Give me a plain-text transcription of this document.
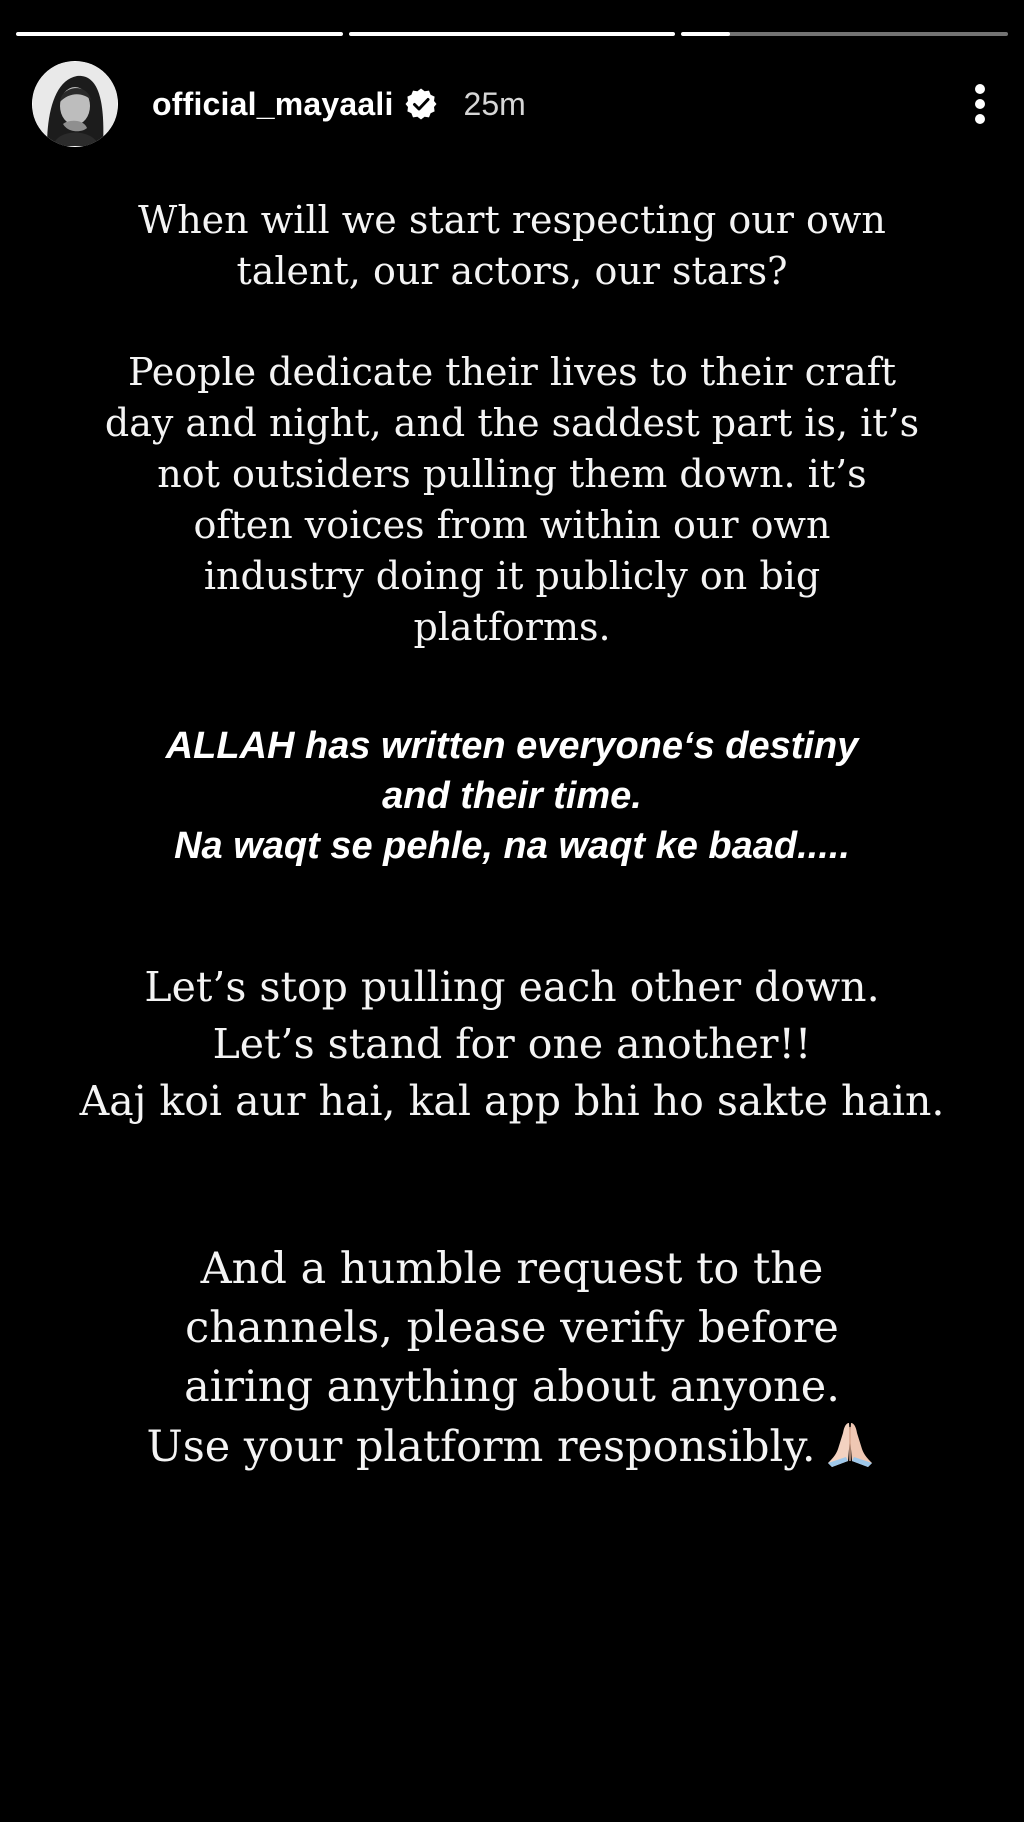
official_mayaali 25m

When will we start respecting our own
talent, our actors, our stars?

People dedicate their lives to their craft
day and night, and the saddest part is, it’s
not outsiders pulling them down. it’s
often voices from within our own
industry doing it publicly on big
platforms.

ALLAH has written everyone‘s destiny
and their time.
Na waqt se pehle, na waqt ke baad.....

Let’s stop pulling each other down.
Let’s stand for one another!!
Aaj koi aur hai, kal app bhi ho sakte hain.

And a humble request to the
channels, please verify before
airing anything about anyone.
Use your platform responsibly.
